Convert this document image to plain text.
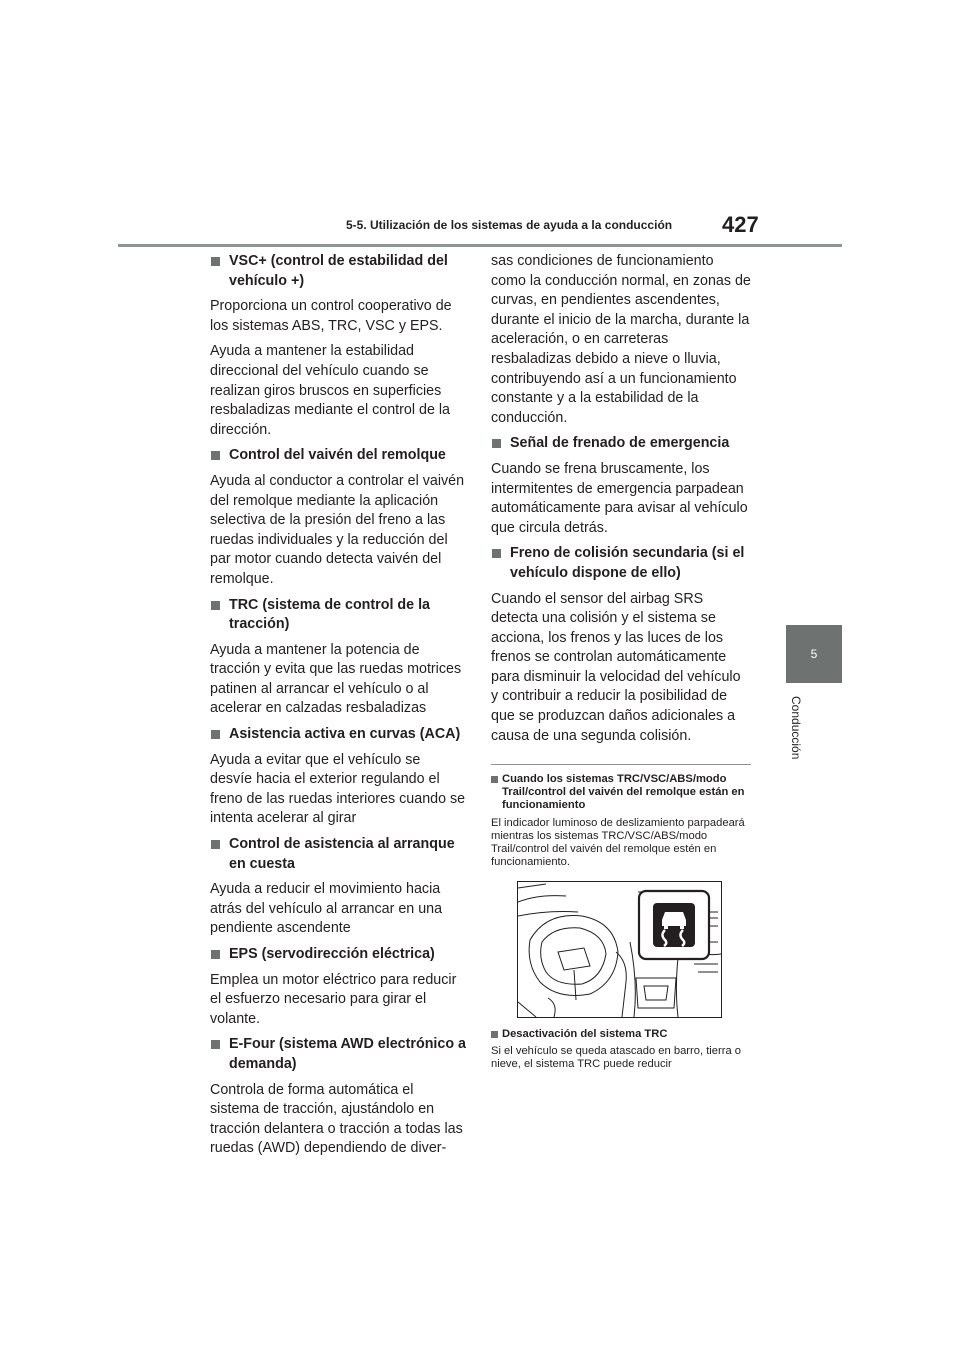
5-5. Utilización de los sistemas de ayuda a la conducción	427
5
Conducción

VSC+ (control de estabilidad del vehículo +)

Proporciona un control cooperativo de los sistemas ABS, TRC, VSC y EPS.

Ayuda a mantener la estabilidad direccional del vehículo cuando se realizan giros bruscos en superficies resbaladizas mediante el control de la dirección.

Control del vaivén del remolque

Ayuda al conductor a controlar el vaivén del remolque mediante la aplicación selectiva de la presión del freno a las ruedas individuales y la reducción del par motor cuando detecta vaivén del remolque.

TRC (sistema de control de la tracción)

Ayuda a mantener la potencia de tracción y evita que las ruedas motrices patinen al arrancar el vehículo o al acelerar en calzadas resbaladizas

Asistencia activa en curvas (ACA)

Ayuda a evitar que el vehículo se desvíe hacia el exterior regulando el freno de las ruedas interiores cuando se intenta acelerar al girar

Control de asistencia al arranque en cuesta

Ayuda a reducir el movimiento hacia atrás del vehículo al arrancar en una pendiente ascendente

EPS (servodirección eléctrica)

Emplea un motor eléctrico para reducir el esfuerzo necesario para girar el volante.

E-Four (sistema AWD electrónico a demanda)

Controla de forma automática el sistema de tracción, ajustándolo en tracción delantera o tracción a todas las ruedas (AWD) dependiendo de diver-

sas condiciones de funcionamiento como la conducción normal, en zonas de curvas, en pendientes ascendentes, durante el inicio de la marcha, durante la aceleración, o en carreteras resbaladizas debido a nieve o lluvia, contribuyendo así a un funcionamiento constante y a la estabilidad de la conducción.

Señal de frenado de emergencia

Cuando se frena bruscamente, los intermitentes de emergencia parpadean automáticamente para avisar al vehículo que circula detrás.

Freno de colisión secundaria (si el vehículo dispone de ello)

Cuando el sensor del airbag SRS detecta una colisión y el sistema se acciona, los frenos y las luces de los frenos se controlan automáticamente para disminuir la velocidad del vehículo y contribuir a reducir la posibilidad de que se produzcan daños adicionales a causa de una segunda colisión.

Cuando los sistemas TRC/VSC/ABS/modo Trail/control del vaivén del remolque están en funcionamiento

El indicador luminoso de deslizamiento parpadeará mientras los sistemas TRC/VSC/ABS/modo Trail/control del vaivén del remolque estén en funcionamiento.

Desactivación del sistema TRC

Si el vehículo se queda atascado en barro, tierra o nieve, el sistema TRC puede reducir
